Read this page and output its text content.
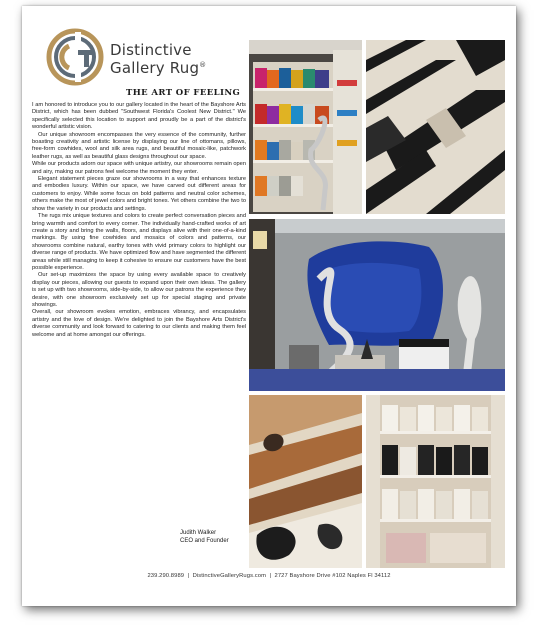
Distinctive
Gallery Rug®
THE ART OF FEELING

I am honored to introduce you to our gallery located in the heart of the Bayshore Arts District, which has been dubbed "Southwest Florida's Coolest New District." We specifically selected this location to support and proudly be a part of the district's wonderful artistic vision.

Our unique showroom encompasses the very essence of the community, further boasting creativity and artistic license by displaying our line of ottomans, pillows, free-form cowhides, wool and silk area rugs, and beautiful mosaic-like, patchwork leather rugs, as well as beautiful glass designs throughout our space.

While our products adorn our space with unique artistry, our showrooms remain open and airy, making our patrons feel welcome the moment they enter.

Elegant statement pieces graze our showrooms in a way that enhances texture and embodies luxury. Within our space, we have carved out different areas for customers to enjoy. While some focus on bold patterns and neutral color schemes, others make the most of jewel colors and bright tones. Yet others combine the two to show the variety in our products and settings.

The rugs mix unique textures and colors to create perfect conversation pieces and bring warmth and comfort to every corner. The individually hand-crafted works of art create a story and bring the walls, floors, and displays alive with their one-of-a-kind markings. By using fine cowhides and mosaics of colors and patterns, our showrooms combine natural, earthy tones with vivid primary colors to highlight our diverse range of products. We have optimized flow and have segmented the different areas while still managing to keep it cohesive to ensure our customers have the best possible experience.

Our set-up maximizes the space by using every available space to creatively display our pieces, allowing our guests to expand upon their own ideas. The gallery is set up with two showrooms, side-by-side, to allow our patrons the experience they desire, with one showroom exclusively set up for special staging and private showings.

Overall, our showroom evokes emotion, embraces vibrancy, and encapsulates artistry and the love of design. We're delighted to join the Bayshore Arts District's diverse community and look forward to catering to our clients and making them feel welcome and at home amongst our offerings.

Judith Walker
CEO and Founder
239.290.8989 | DistinctiveGalleryRugs.com | 2727 Bayshore Drive #102 Naples Fl 34112
